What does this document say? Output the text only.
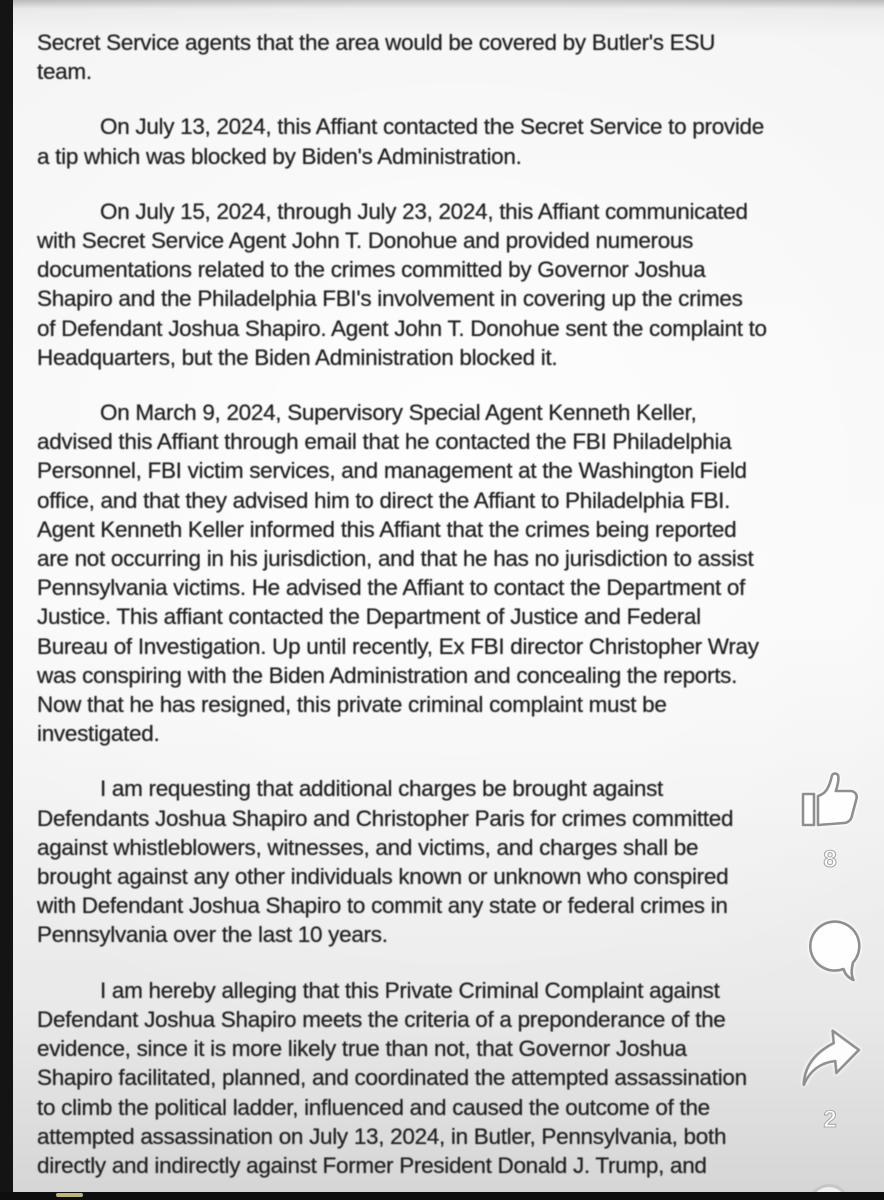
Secret Service agents that the area would be covered by Butler's ESU
team.
On July 13, 2024, this Affiant contacted the Secret Service to provide
a tip which was blocked by Biden's Administration.
On July 15, 2024, through July 23, 2024, this Affiant communicated
with Secret Service Agent John T. Donohue and provided numerous
documentations related to the crimes committed by Governor Joshua
Shapiro and the Philadelphia FBI's involvement in covering up the crimes
of Defendant Joshua Shapiro. Agent John T. Donohue sent the complaint to
Headquarters, but the Biden Administration blocked it.
On March 9, 2024, Supervisory Special Agent Kenneth Keller,
advised this Affiant through email that he contacted the FBI Philadelphia
Personnel, FBI victim services, and management at the Washington Field
office, and that they advised him to direct the Affiant to Philadelphia FBI.
Agent Kenneth Keller informed this Affiant that the crimes being reported
are not occurring in his jurisdiction, and that he has no jurisdiction to assist
Pennsylvania victims. He advised the Affiant to contact the Department of
Justice. This affiant contacted the Department of Justice and Federal
Bureau of Investigation. Up until recently, Ex FBI director Christopher Wray
was conspiring with the Biden Administration and concealing the reports.
Now that he has resigned, this private criminal complaint must be
investigated.
I am requesting that additional charges be brought against
Defendants Joshua Shapiro and Christopher Paris for crimes committed
against whistleblowers, witnesses, and victims, and charges shall be
brought against any other individuals known or unknown who conspired
with Defendant Joshua Shapiro to commit any state or federal crimes in
Pennsylvania over the last 10 years.
I am hereby alleging that this Private Criminal Complaint against
Defendant Joshua Shapiro meets the criteria of a preponderance of the
evidence, since it is more likely true than not, that Governor Joshua
Shapiro facilitated, planned, and coordinated the attempted assassination
to climb the political ladder, influenced and caused the outcome of the
attempted assassination on July 13, 2024, in Butler, Pennsylvania, both
directly and indirectly against Former President Donald J. Trump, and
8
2
